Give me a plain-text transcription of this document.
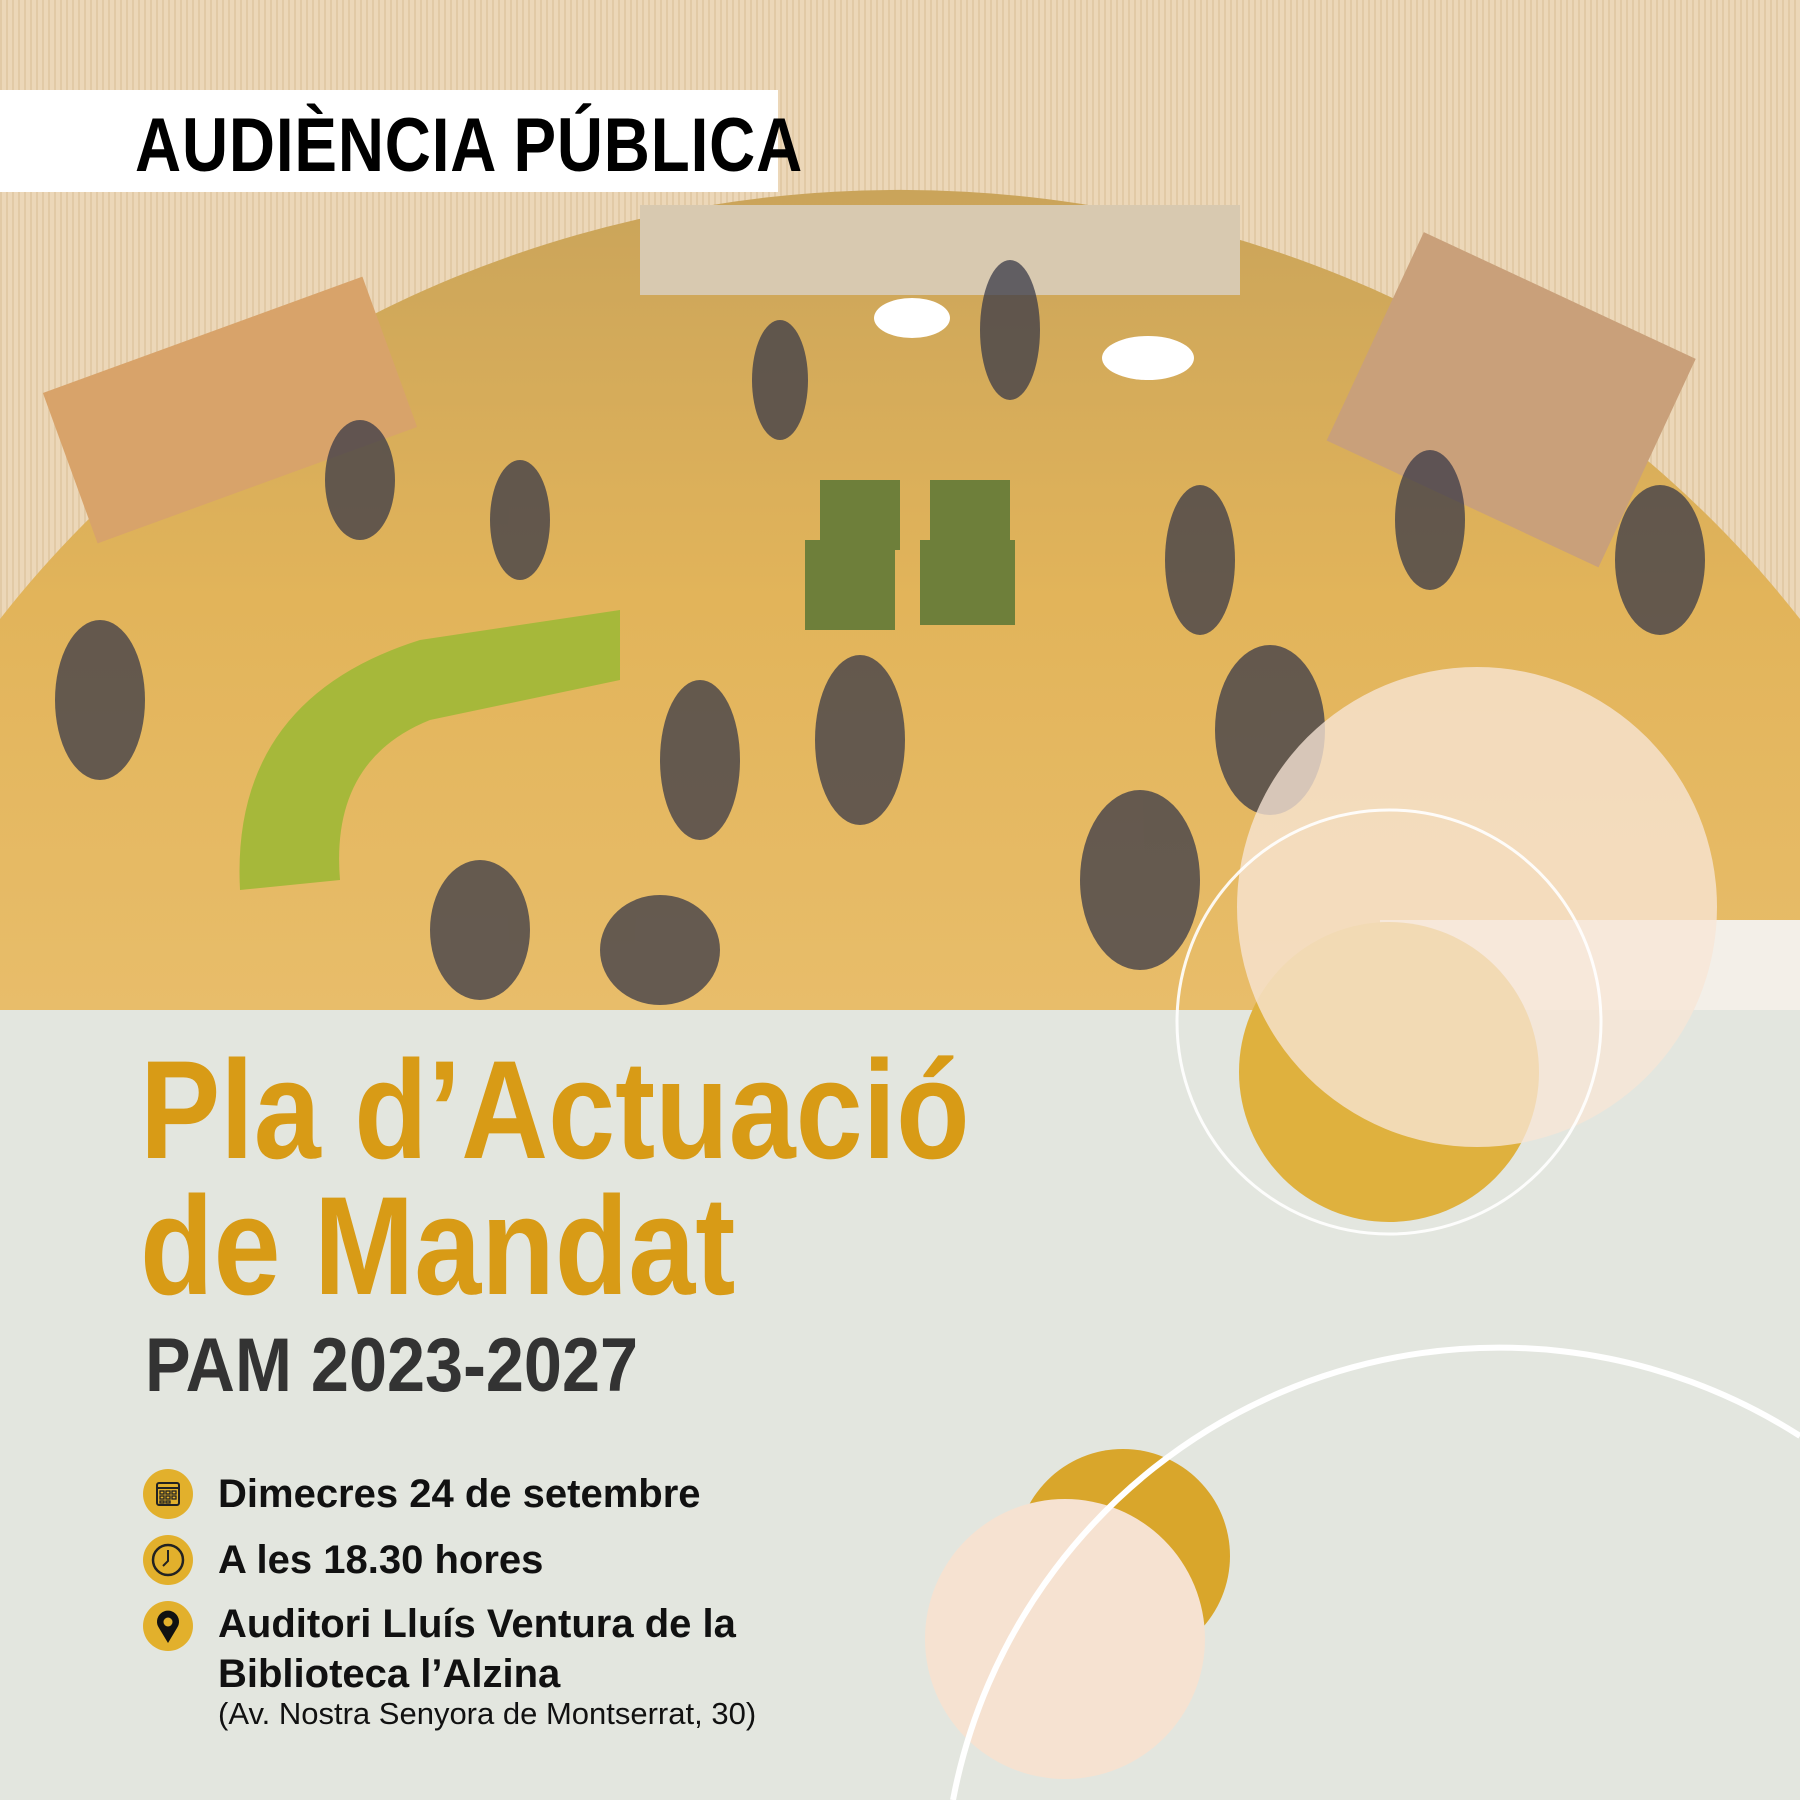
AUDIÈNCIA PÚBLICA
Pla d’Actuació
de Mandat
PAM 2023-2027
Dimecres 24 de setembre
A les 18.30 hores
Auditori Lluís Ventura de la
Biblioteca l’Alzina
(Av. Nostra Senyora de Montserrat, 30)
